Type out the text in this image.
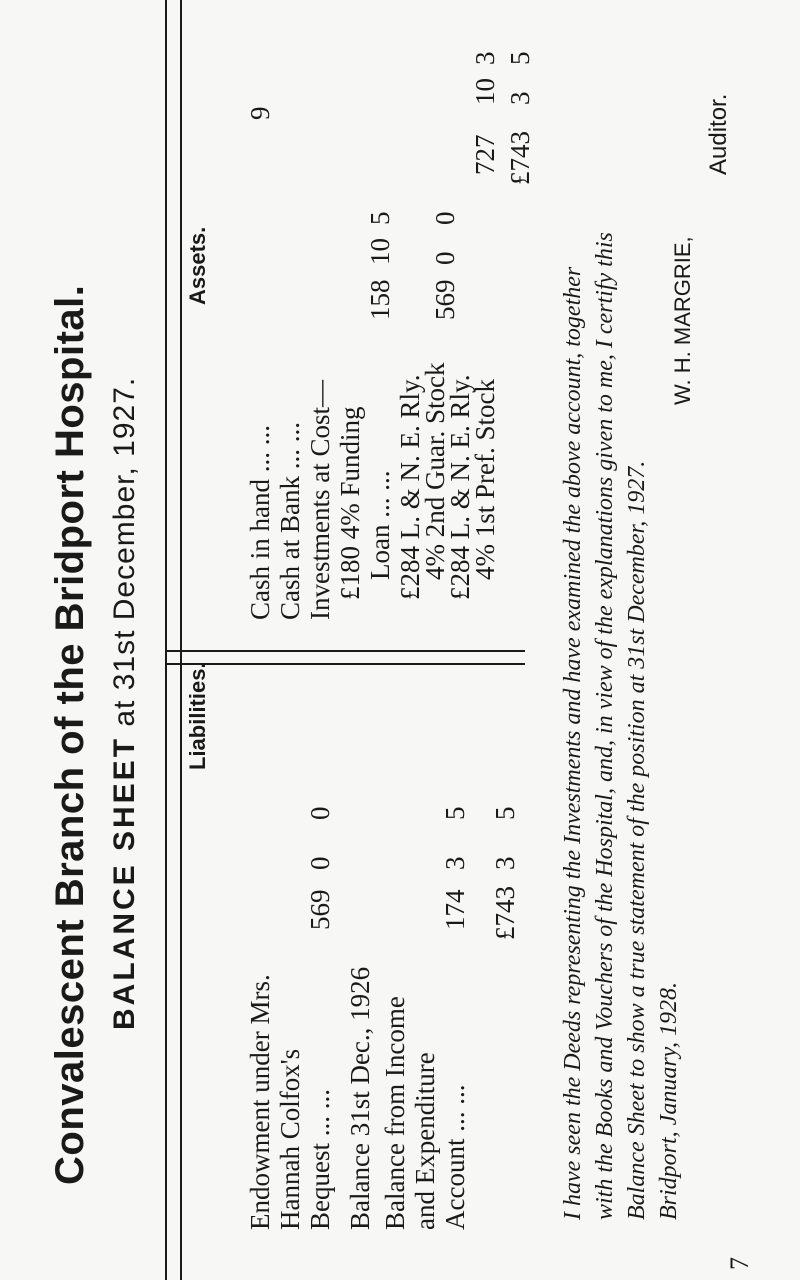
Convalescent Branch of the Bridport Hospital. BALANCE SHEET at 31st December, 1927. Liabilities.
Assets.
I have seen the Deeds representing the Investments and have examined the above account, together with the Books and Vouchers of the Hospital, and, in view of the explanations given to me, I certify this Balance Sheet to show a true statement of the position at 31st December, 1927. Bridport, January, 1928.
W. H. MARGRIE,
Auditor.
7
Endowment under Mrs. Hannah Colfox's Bequest ... ...
569
0
0
Balance 31st Dec., 1926 Balance from Income and Expenditure Account ... ...
174
3
5
£743
3
5
Cash in hand ... ...
9
Cash at Bank ... ... Investments at Cost— £180 4% Funding Loan ... ...
158
10
5
£284 L. & N. E. Rly.
4% 2nd Guar. Stock
£284 L. & N. E. Rly.
4% 1st Pref. Stock
569
0
0
727
10
3
£743
3
5
